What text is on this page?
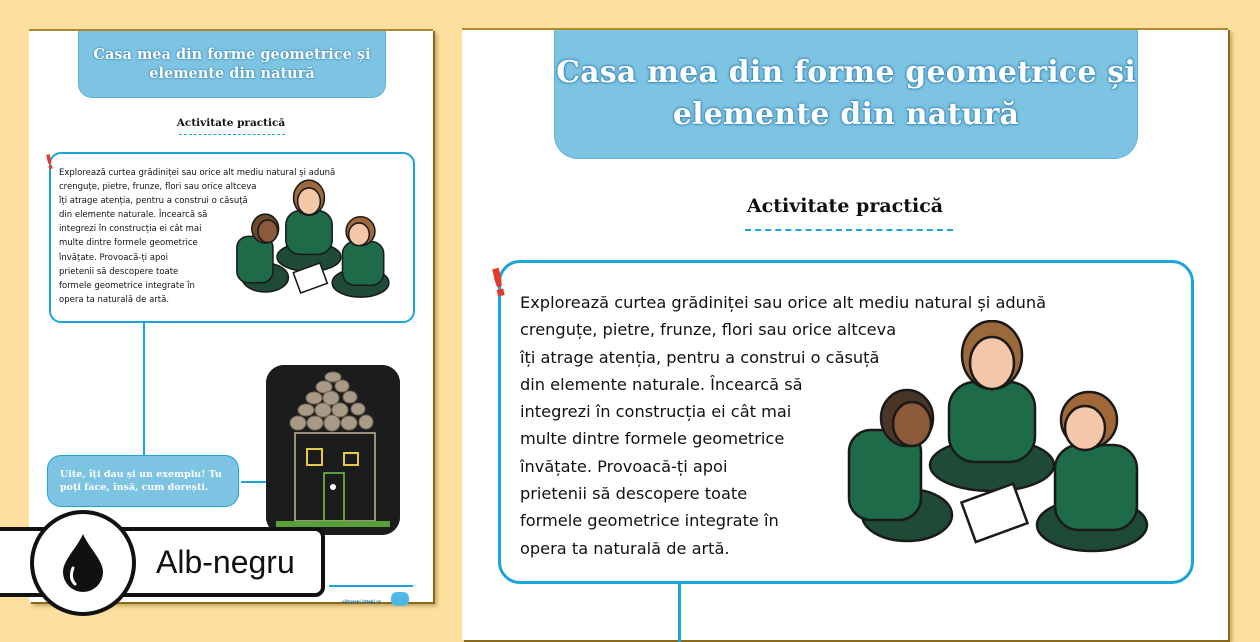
Casa mea din forme geometrice și
elemente din natură
Activitate practică
! Explorează curtea grădiniței sau orice alt mediu natural și adună
crenguțe, pietre, frunze, flori sau orice altceva
îți atrage atenția, pentru a construi o căsuță
din elemente naturale. Încearcă să
integrezi în construcția ei cât mai
multe dintre formele geometrice
învățate. Provoacă-ți apoi
prietenii să descopere toate
formele geometrice integrate în
opera ta naturală de artă.
Uite, îți dau și un exemplu! Tu
poți face, însă, cum dorești.
viitoarei inteki ro
Casa mea din forme geometrice și
elemente din natură
Activitate practică
! Explorează curtea grădiniței sau orice alt mediu natural și adună
crenguțe, pietre, frunze, flori sau orice altceva
îți atrage atenția, pentru a construi o căsuță
din elemente naturale. Încearcă să
integrezi în construcția ei cât mai
multe dintre formele geometrice
învățate. Provoacă-ți apoi
prietenii să descopere toate
formele geometrice integrate în
opera ta naturală de artă.
Alb-negru
